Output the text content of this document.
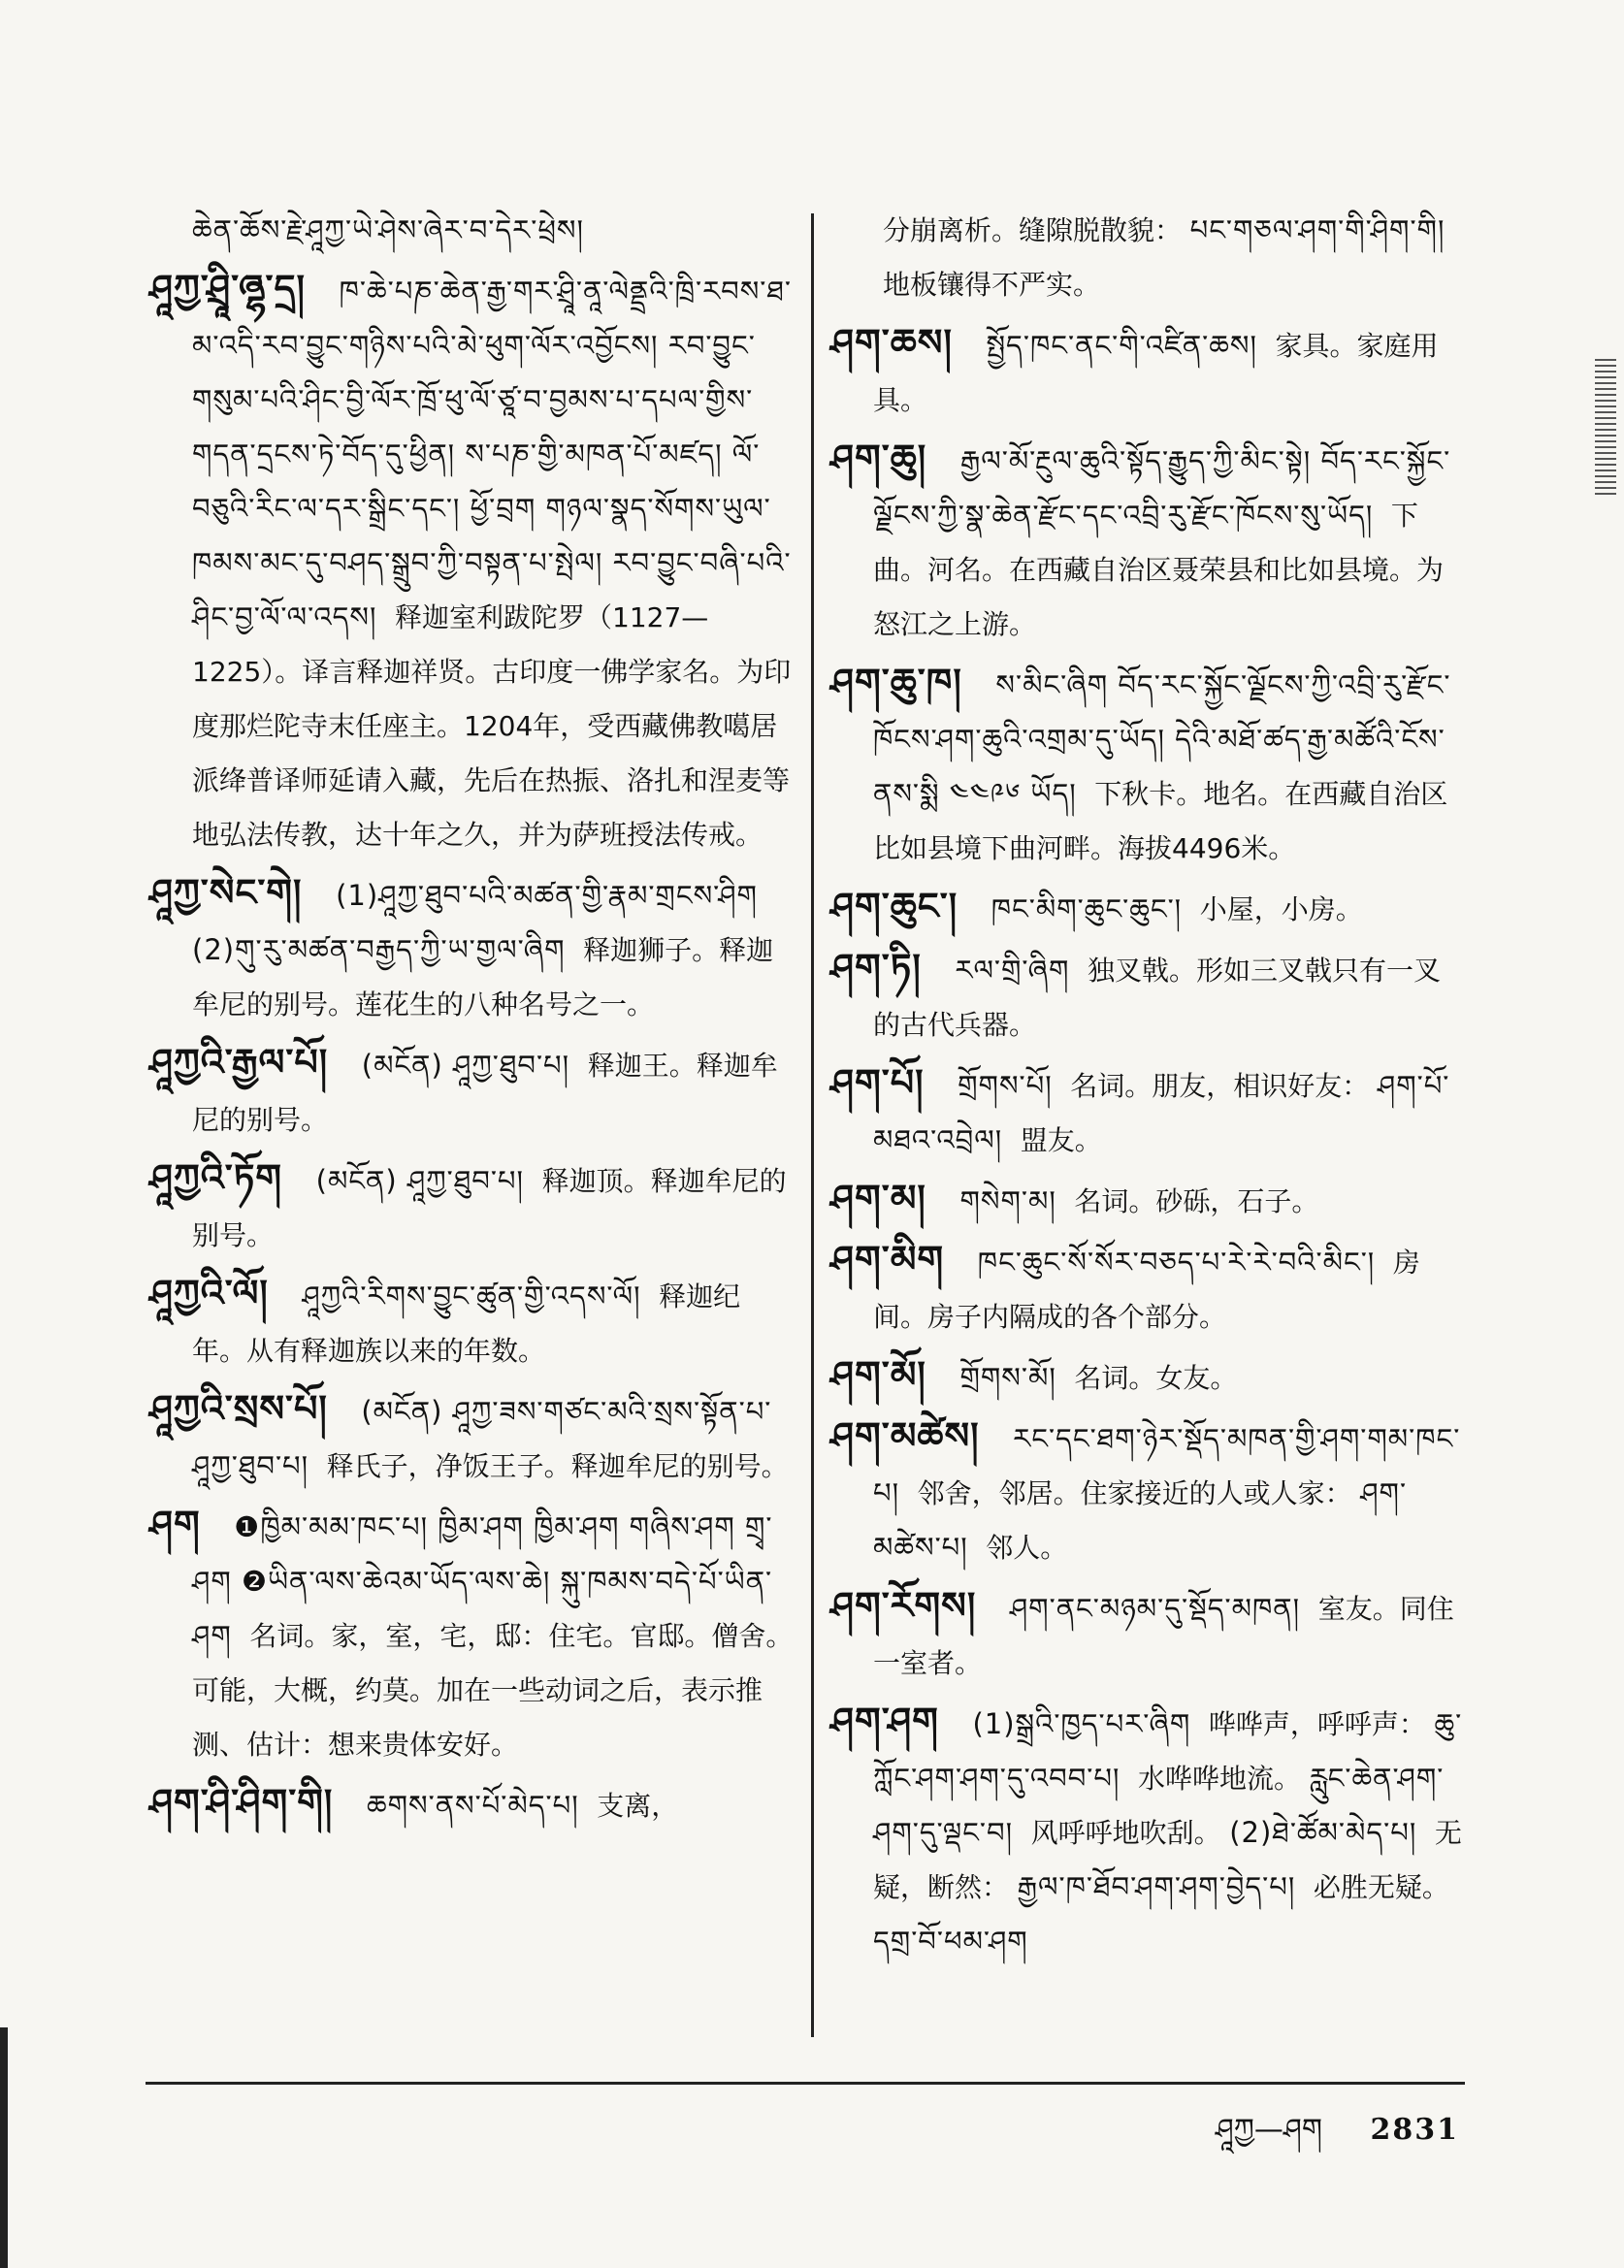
ཆེན་ཆོས་རྗེ་ཤཱཀྱ་ཡེ་ཤེས་ཞེར་བ་དེར་ཕྲེས།

ཤཱཀྱ་ཤྲཱི་ཞྷ་དྲ། ཁ་ཆེ་པཎ་ཆེན་རྒྱ་གར་ཤྲཱི་ནཱ་ལེནྡྲའི་ཁྲི་རབས་ཐ་མ་འདི་རབ་བྱུང་གཉིས་པའི་མེ་ཕུག་ལོར་འབྱོངས། རབ་བྱུང་གསུམ་པའི་ཤིང་བྱི་ལོར་ཁྲོ་ཕུ་ལོ་ཙཱ་བ་བྱམས་པ་དཔལ་གྱིས་གདན་དྲངས་ཏེ་བོད་དུ་ཕྱིན། ས་པཎ་གྱི་མཁན་པོ་མཛད། ལོ་བཅུའི་རིང་ལ་དར་སྒྲིང་དང་། ཕྱོ་བྲག གཉལ་སྣད་སོགས་ཡུལ་ཁམས་མང་དུ་བཤད་སྒྲུབ་ཀྱི་བསྟན་པ་སྤེལ། རབ་བྱུང་བཞི་པའི་ཤིང་བྱ་ལོ་ལ་འདས། 释迦室利跋陀罗（1127—1225）。译言释迦祥贤。古印度一佛学家名。为印度那烂陀寺末任座主。1204年，受西藏佛教噶居派绛普译师延请入藏，先后在热振、洛扎和涅麦等地弘法传教，达十年之久，并为萨班授法传戒。

ཤཱཀྱ་སེང་གེ། (1)ཤཱཀྱ་ཐུབ་པའི་མཚན་གྱི་རྣམ་གྲངས་ཤིག (2)གུ་རུ་མཚན་བརྒྱད་ཀྱི་ཡ་གྱལ་ཞིག 释迦狮子。释迦牟尼的别号。莲花生的八种名号之一。

ཤཱཀྱའི་རྒྱལ་པོ། (མངོན) ཤཱཀྱ་ཐུབ་པ། 释迦王。释迦牟尼的别号。

ཤཱཀྱའི་ཏོག (མངོན) ཤཱཀྱ་ཐུབ་པ། 释迦顶。释迦牟尼的别号。

ཤཱཀྱའི་ལོ། ཤཱཀྱའི་རིགས་བྱུང་ཚུན་གྱི་འདས་ལོ། 释迦纪年。从有释迦族以来的年数。

ཤཱཀྱའི་སྲས་པོ། (མངོན) ཤཱཀྱ་ཟས་གཙང་མའི་སྲས་སྟོན་པ་ཤཱཀྱ་ཐུབ་པ། 释氏子，净饭王子。释迦牟尼的别号。

ཤག ❶ཁྱིམ་མམ་ཁང་པ། ཁྱིམ་ཤག ཁྱིམ་ཤག གཞིས་ཤག གྲྭ་ཤག ❷ཡིན་ལས་ཆེའམ་ཡོད་ལས་ཆེ། སྐུ་ཁམས་བདེ་པོ་ཡིན་ཤག 名词。家，室，宅，邸：住宅。官邸。僧舍。可能，大概，约莫。加在一些动词之后，表示推测、估计：想来贵体安好。

ཤག་ཤི་ཤིག་གི། ཆགས་ནས་པོ་མེད་པ། 支离，

分崩离析。缝隙脱散貌： པང་གཅལ་ཤག་གི་ཤིག་གི། 地板镶得不严实。

ཤག་ཆས། སྤྱོད་ཁང་ནང་གི་འཛིན་ཆས། 家具。家庭用具。

ཤག་ཆུ། རྒྱལ་མོ་རྔུལ་ཆུའི་སྟོད་རྒྱུད་ཀྱི་མིང་སྟེ། བོད་རང་སྐྱོང་ལྗོངས་ཀྱི་སྣ་ཆེན་རྫོང་དང་འབྲི་རུ་རྫོང་ཁོངས་སུ་ཡོད། 下曲。河名。在西藏自治区聂荣县和比如县境。为怒江之上游。

ཤག་ཆུ་ཁ། ས་མིང་ཞིག བོད་རང་སྐྱོང་ལྗོངས་ཀྱི་འབྲི་རུ་རྫོང་ཁོངས་ཤག་ཆུའི་འགྲམ་དུ་ཡོད། དེའི་མཐོ་ཚད་རྒྱ་མཚོའི་ངོས་ནས་སྨི ༤༤༩༦ ཡོད། 下秋卡。地名。在西藏自治区比如县境下曲河畔。海拔4496米。

ཤག་ཆུང་། ཁང་མིག་ཆུང་ཆུང་། 小屋，小房。

ཤག་ཏི། རལ་གྲི་ཞིག 独叉戟。形如三叉戟只有一叉的古代兵器。

ཤག་པོ། གྲོགས་པོ། 名词。朋友，相识好友： ཤག་པོ་མཐའ་འབྲེལ། 盟友。

ཤག་མ། གསེག་མ། 名词。砂砾，石子。

ཤག་མིག ཁང་ཆུང་སོ་སོར་བཅད་པ་རེ་རེ་བའི་མིང་། 房间。房子内隔成的各个部分。

ཤག་མོ། གྲོགས་མོ། 名词。女友。

ཤག་མཚེས། རང་དང་ཐག་ཉེར་སྡོད་མཁན་གྱི་ཤག་གམ་ཁང་པ། 邻舍，邻居。住家接近的人或人家： ཤག་མཚེས་པ། 邻人。

ཤག་རོགས། ཤག་ནང་མཉམ་དུ་སྡོད་མཁན། 室友。同住一室者。

ཤག་ཤག (1)སྒྲའི་ཁྱད་པར་ཞིག 哗哗声，呼呼声： ཆུ་ཀློང་ཤག་ཤག་དུ་འབབ་པ། 水哗哗地流。 རླུང་ཆེན་ཤག་ཤག་དུ་ལྡང་བ། 风呼呼地吹刮。 (2)ཐེ་ཚོམ་མེད་པ། 无疑，断然： རྒྱལ་ཁ་ཐོབ་ཤག་ཤག་བྱེད་པ། 必胜无疑。 དགྲ་བོ་ཕམ་ཤག

ཤཱཀྱ—ཤག 2831
